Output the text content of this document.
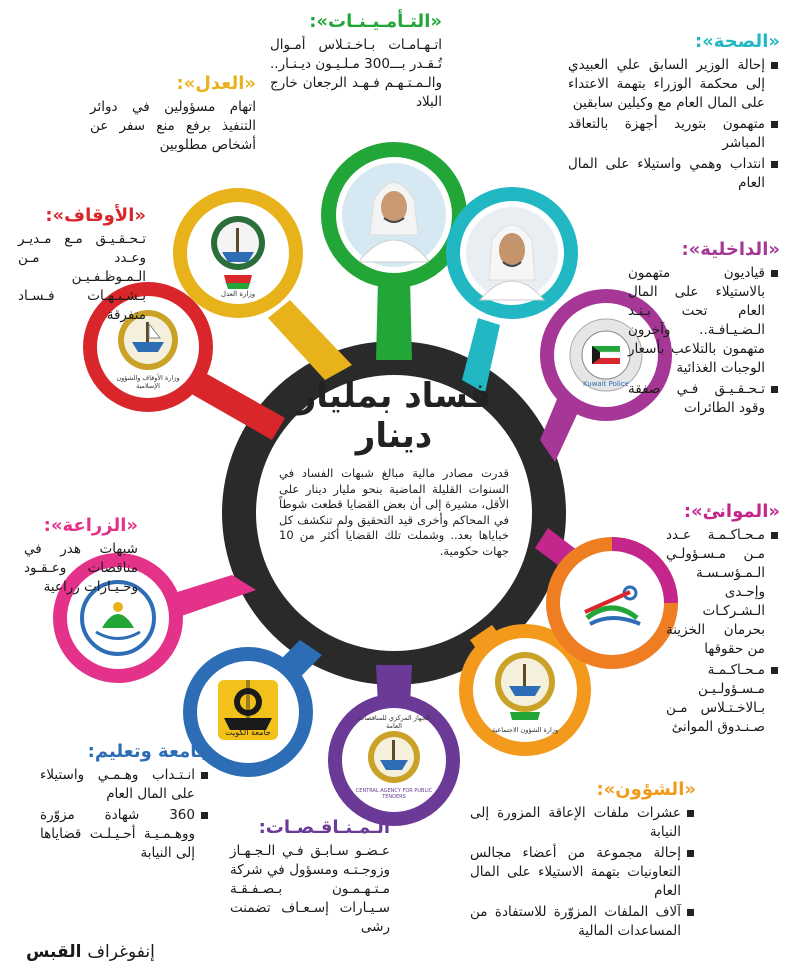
وزارة العدل
وزارة الأوقاف والشؤون الإسلامية	Kuwait Police
جامعة الكويت
الجهاز المركزي للمناقصات العامة
CENTRAL AGENCY FOR PUBLIC TENDERS
وزارة الشؤون الاجتماعية
فساد بمليار دينار

قدرت مصادر مالية مبالغ شبهات الفساد في السنوات القليلة الماضية بنحو مليار دينار على الأقل، مشيرة إلى أن بعض القضايا قطعت شوطاً في المحاكم وأخرى قيد التحقيق ولم تنكشف كل خباياها بعد.. وشملت تلك القضايا أكثر من 10 جهات حكومية.

«الصحة»:
إحالة الوزير السابق علي العبيدي إلى محكمة الوزراء بتهمة الاعتداء على المال العام مع وكيلين سابقين
متهمون بتوريد أجهزة بالتعاقد المباشر
انتداب وهمي واستيلاء على المال العام
«التـأمـيـنـات»:

اتـهـامـات بـاخـتـلاس أمـوال تُـقـدر بـــ300 مـلـيـون ديـنـار.. والـمـتـهـم فـهـد الرجعان خارج البلاد

«العدل»:

اتهام مسؤولين في دوائر التنفيذ برفع منع سفر عن أشخاص مطلوبين

«الأوقاف»:

تـحـقـيـق مـع مـديـر وعـدد مـن الـمـوظـفـيـن بـشـبـهـات فـسـاد متفرقة

«الداخلية»:
قياديون متهمون بالاستيلاء على المال العام تحت بـنـد الـضـيـافـة.. وآخرون متهمون بالتلاعب بأسعار الوجبات الغذائية
تـحـقـيـق فـي صفقة وقود الطائرات
«الموانئ»:
مـحـاكـمـة عـدد مـن مـسـؤولـي الـمـؤسـسـة وإحـدى الـشـركـات بحرمان الخزينة من حقوقها
مـحـاكـمـة مـسـؤولـيـن بـالاخـتـلاس مـن صـنـدوق الموانئ
«الزراعة»:

شبهات هدر في مناقصات وعـقـود وحـيـازات زراعية

جامعة وتعليم:
انـتـداب وهـمـي واستيلاء على المال العام
360 شهادة مزوّرة ووهـمـيـة أحـيـلـت قضاياها إلى النيابة
الـمـنـاقـصـات:

عـضـو سـابـق فـي الـجـهـاز وزوجـتـه ومسؤول في شركة مـتـهـمـون بـصـفـقـة سـيـارات إسـعـاف تضمنت رشى

«الشؤون»:
عشرات ملفات الإعاقة المزورة إلى النيابة
إحالة مجموعة من أعضاء مجالس التعاونيات بتهمة الاستيلاء على المال العام
آلاف الملفات المزوّرة للاستفادة من المساعدات المالية
إنفوغراف القبس
